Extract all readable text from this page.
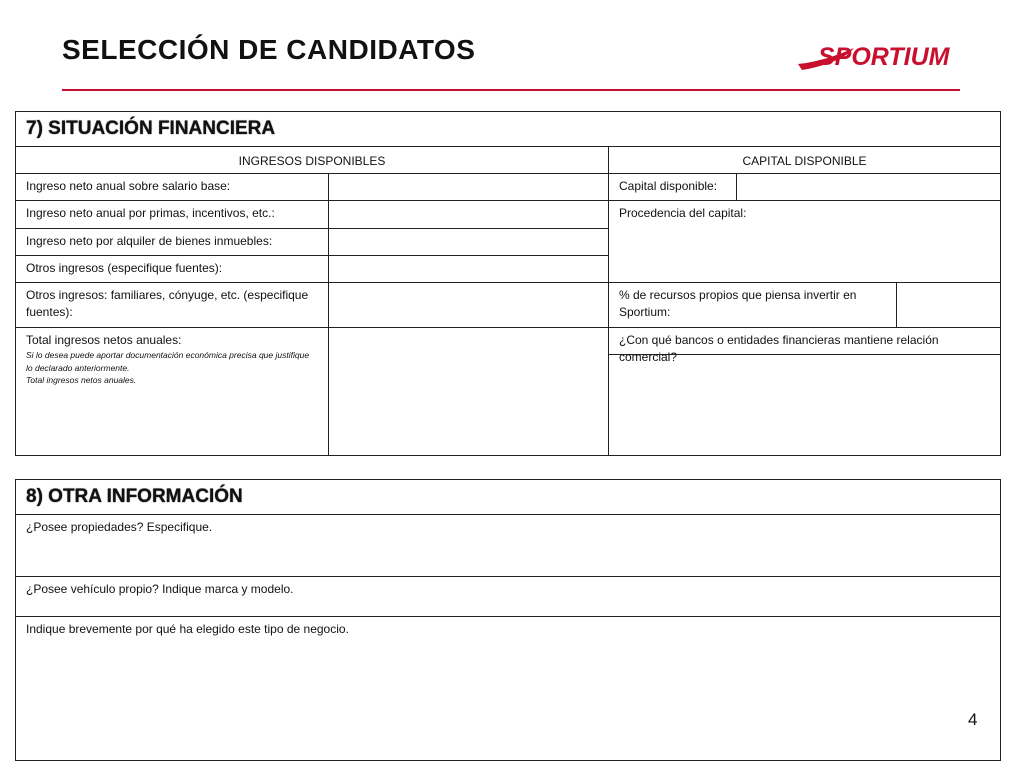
SELECCIÓN DE CANDIDATOS	SPORTIUM
7) SITUACIÓN FINANCIERA
INGRESOS DISPONIBLES	CAPITAL DISPONIBLE
Ingreso neto anual sobre salario base:
Ingreso neto anual por primas, incentivos, etc.:
Ingreso neto por alquiler de bienes inmuebles:
Otros ingresos (especifique fuentes):
Otros ingresos: familiares, cónyuge, etc. (especifique fuentes):
Total ingresos netos anuales:
Si lo desea puede aportar documentación económica precisa que justifique lo declarado anteriormente.
Total ingresos netos anuales.
Capital disponible:
Procedencia del capital:
% de recursos propios que piensa invertir en Sportium:
¿Con qué bancos o entidades financieras mantiene relación comercial?
8) OTRA INFORMACIÓN
¿Posee propiedades? Especifique.
¿Posee vehículo propio? Indique marca y modelo.
Indique brevemente por qué ha elegido este tipo de negocio.
4
